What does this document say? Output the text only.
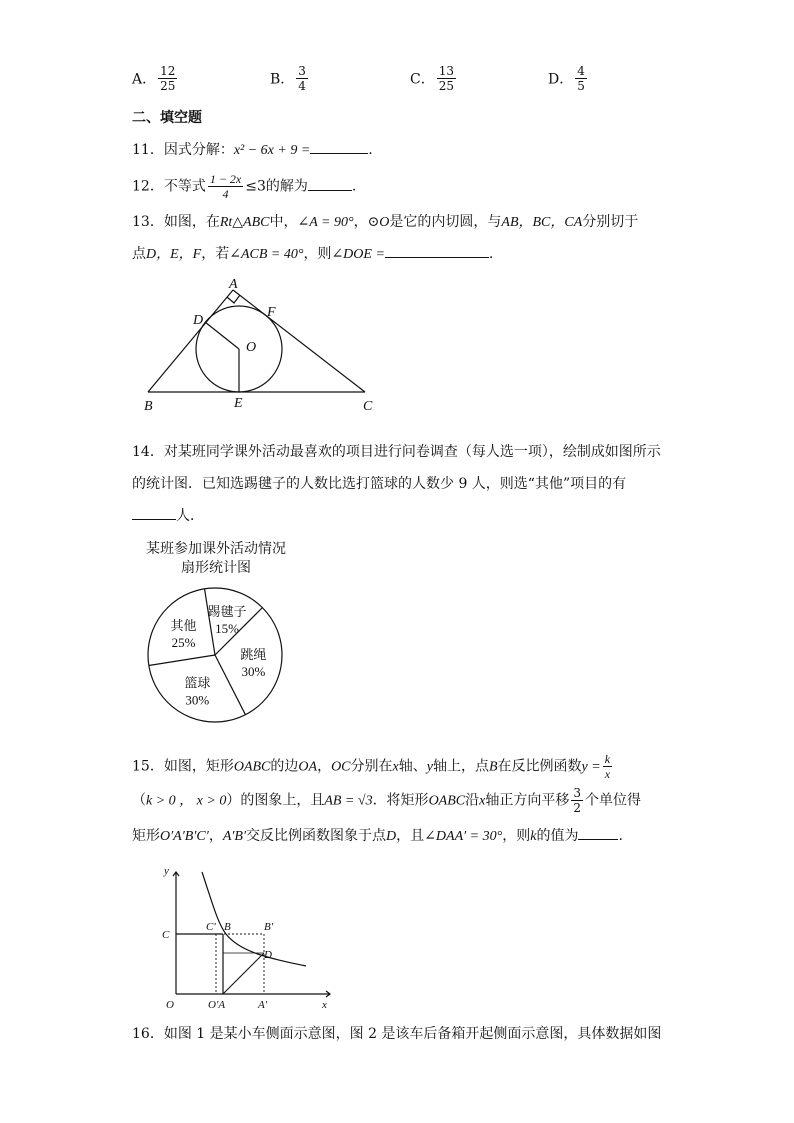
A． $\frac{12}{25}$	B． $\frac{3}{4}$	C． $\frac{13}{25}$	D． $\frac{4}{5}$
二、填空题
11．因式分解：x² − 6x + 9 =	.
12．不等式 $\frac{1 - 2x}{4} \le 3$的解为	.
13．如图，在Rt△ABC中，∠A = 90°，⊙O是它的内切圆，与AB，BC，CA分别切于
点D，E，F，若∠ACB = 40°，则∠DOE =	.
A
B	C
D
E
F
O
14．对某班同学课外活动最喜欢的项目进行问卷调查（每人选一项），绘制成如图所示
的统计图．已知选踢毽子的人数比选打篮球的人数少 9 人，则选“其他”项目的有
人．
某班参加课外活动情况
扇形统计图
踢毽子
15%
跳绳
30%
篮球
30%
其他
25%
15．如图，矩形OABC的边OA，OC分别在x轴、y轴上，点B在反比例函数$y = \frac{k}{x}$
（k > 0 ， x > 0）的图象上，且AB = √3．将矩形OABC沿x轴正方向平移 $\frac{3}{2}$ 个单位得
矩形O′A′B′C′，A′B′交反比例函数图象于点D，且∠DAA′ = 30°，则k的值为	.
y
x
C
C′ B	B′
D
O	O′A	A′
16．如图 1 是某小车侧面示意图，图 2 是该车后备箱开起侧面示意图，具体数据如图
